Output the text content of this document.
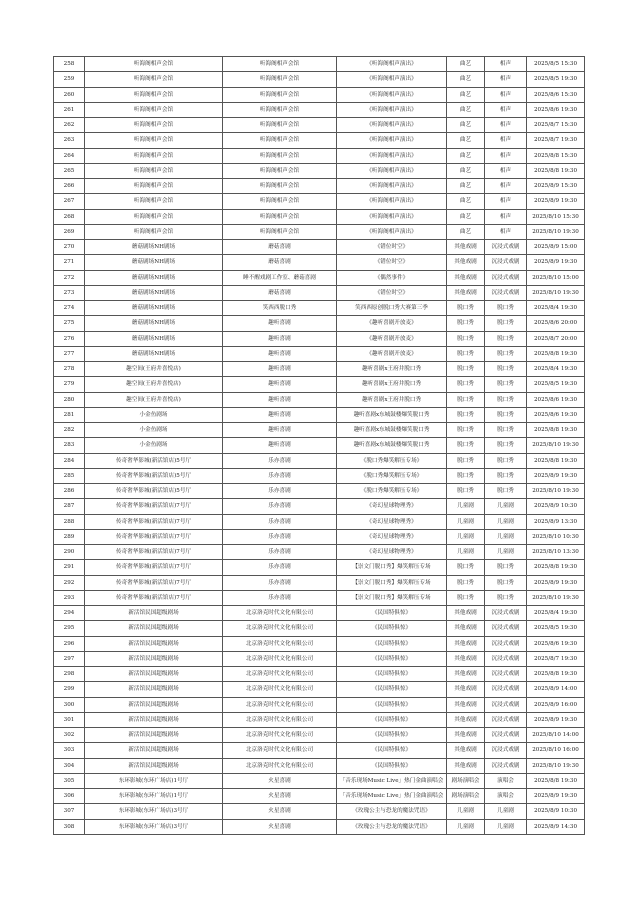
258	听海阁相声会馆	听海阁相声会馆	《听海阁相声演出》	曲艺	相声	2025/8/5 15:30
259	听海阁相声会馆	听海阁相声会馆	《听海阁相声演出》	曲艺	相声	2025/8/5 19:30
260	听海阁相声会馆	听海阁相声会馆	《听海阁相声演出》	曲艺	相声	2025/8/6 15:30
261	听海阁相声会馆	听海阁相声会馆	《听海阁相声演出》	曲艺	相声	2025/8/6 19:30
262	听海阁相声会馆	听海阁相声会馆	《听海阁相声演出》	曲艺	相声	2025/8/7 15:30
263	听海阁相声会馆	听海阁相声会馆	《听海阁相声演出》	曲艺	相声	2025/8/7 19:30
264	听海阁相声会馆	听海阁相声会馆	《听海阁相声演出》	曲艺	相声	2025/8/8 15:30
265	听海阁相声会馆	听海阁相声会馆	《听海阁相声演出》	曲艺	相声	2025/8/8 19:30
266	听海阁相声会馆	听海阁相声会馆	《听海阁相声演出》	曲艺	相声	2025/8/9 15:30
267	听海阁相声会馆	听海阁相声会馆	《听海阁相声演出》	曲艺	相声	2025/8/9 19:30
268	听海阁相声会馆	听海阁相声会馆	《听海阁相声演出》	曲艺	相声	2025/8/10 15:30
269	听海阁相声会馆	听海阁相声会馆	《听海阁相声演出》	曲艺	相声	2025/8/10 19:30
270	蘑菇剧场NH剧场	蘑菇喜剧	《错位时空》	其他戏剧	沉浸式戏剧	2025/8/9 15:00
271	蘑菇剧场NH剧场	蘑菇喜剧	《错位时空》	其他戏剧	沉浸式戏剧	2025/8/9 19:30
272	蘑菇剧场NH剧场	睡不醒戏剧工作室、蘑菇喜剧	《偶然事件》	其他戏剧	沉浸式戏剧	2025/8/10 15:00
273	蘑菇剧场NH剧场	蘑菇喜剧	《错位时空》	其他戏剧	沉浸式戏剧	2025/8/10 19:30
274	蘑菇剧场NH剧场	笑西西脱口秀	笑西西原创脱口秀大赛第三季	脱口秀	脱口秀	2025/8/4 19:30
275	蘑菇剧场NH剧场	趣听喜剧	《趣听喜剧开放麦》	脱口秀	脱口秀	2025/8/6 20:00
276	蘑菇剧场NH剧场	趣听喜剧	《趣听喜剧开放麦》	脱口秀	脱口秀	2025/8/7 20:00
277	蘑菇剧场NH剧场	趣听喜剧	《趣听喜剧开放麦》	脱口秀	脱口秀	2025/8/8 19:30
278	趣空间(王府井喜悦店)	趣听喜剧	趣听喜剧x王府井脱口秀	脱口秀	脱口秀	2025/8/4 19:30
279	趣空间(王府井喜悦店)	趣听喜剧	趣听喜剧x王府井脱口秀	脱口秀	脱口秀	2025/8/5 19:30
280	趣空间(王府井喜悦店)	趣听喜剧	趣听喜剧x王府井脱口秀	脱口秀	脱口秀	2025/8/6 19:30
281	小金鱼剧场	趣听喜剧	趣听喜剧x东城鼓楼爆笑脱口秀	脱口秀	脱口秀	2025/8/6 19:30
282	小金鱼剧场	趣听喜剧	趣听喜剧x东城鼓楼爆笑脱口秀	脱口秀	脱口秀	2025/8/8 19:30
283	小金鱼剧场	趣听喜剧	趣听喜剧x东城鼓楼爆笑脱口秀	脱口秀	脱口秀	2025/8/10 19:30
284	传奇奢华影城(新活馆店)5号厅	乐亦喜剧	《脱口秀爆笑解压专场》	脱口秀	脱口秀	2025/8/8 19:30
285	传奇奢华影城(新活馆店)5号厅	乐亦喜剧	《脱口秀爆笑解压专场》	脱口秀	脱口秀	2025/8/9 19:30
286	传奇奢华影城(新活馆店)5号厅	乐亦喜剧	《脱口秀爆笑解压专场》	脱口秀	脱口秀	2025/8/10 19:30
287	传奇奢华影城(新活馆店)7号厅	乐亦喜剧	《奇幻星球物理秀》	儿童剧	儿童剧	2025/8/9 10:30
288	传奇奢华影城(新活馆店)7号厅	乐亦喜剧	《奇幻星球物理秀》	儿童剧	儿童剧	2025/8/9 13:30
289	传奇奢华影城(新活馆店)7号厅	乐亦喜剧	《奇幻星球物理秀》	儿童剧	儿童剧	2025/8/10 10:30
290	传奇奢华影城(新活馆店)7号厅	乐亦喜剧	《奇幻星球物理秀》	儿童剧	儿童剧	2025/8/10 13:30
291	传奇奢华影城(新活馆店)7号厅	乐亦喜剧	【崇文门脱口秀】爆笑解压专场	脱口秀	脱口秀	2025/8/8 19:30
292	传奇奢华影城(新活馆店)7号厅	乐亦喜剧	【崇文门脱口秀】爆笑解压专场	脱口秀	脱口秀	2025/8/9 19:30
293	传奇奢华影城(新活馆店)7号厅	乐亦喜剧	【崇文门脱口秀】爆笑解压专场	脱口秀	脱口秀	2025/8/10 19:30
294	新活馆民国超级剧场	北京洛克时代文化有限公司	《民国特俱惊》	其他戏剧	沉浸式戏剧	2025/8/4 19:30
295	新活馆民国超级剧场	北京洛克时代文化有限公司	《民国特俱惊》	其他戏剧	沉浸式戏剧	2025/8/5 19:30
296	新活馆民国超级剧场	北京洛克时代文化有限公司	《民国特俱惊》	其他戏剧	沉浸式戏剧	2025/8/6 19:30
297	新活馆民国超级剧场	北京洛克时代文化有限公司	《民国特俱惊》	其他戏剧	沉浸式戏剧	2025/8/7 19:30
298	新活馆民国超级剧场	北京洛克时代文化有限公司	《民国特俱惊》	其他戏剧	沉浸式戏剧	2025/8/8 19:30
299	新活馆民国超级剧场	北京洛克时代文化有限公司	《民国特俱惊》	其他戏剧	沉浸式戏剧	2025/8/9 14:00
300	新活馆民国超级剧场	北京洛克时代文化有限公司	《民国特俱惊》	其他戏剧	沉浸式戏剧	2025/8/9 16:00
301	新活馆民国超级剧场	北京洛克时代文化有限公司	《民国特俱惊》	其他戏剧	沉浸式戏剧	2025/8/9 19:30
302	新活馆民国超级剧场	北京洛克时代文化有限公司	《民国特俱惊》	其他戏剧	沉浸式戏剧	2025/8/10 14:00
303	新活馆民国超级剧场	北京洛克时代文化有限公司	《民国特俱惊》	其他戏剧	沉浸式戏剧	2025/8/10 16:00
304	新活馆民国超级剧场	北京洛克时代文化有限公司	《民国特俱惊》	其他戏剧	沉浸式戏剧	2025/8/10 19:30
305	东环影城(东环广场店)1号厅	火星喜剧	「音乐现场Music Live」热门金曲演唱会	剧场演唱会	演唱会	2025/8/8 19:30
306	东环影城(东环广场店)1号厅	火星喜剧	「音乐现场Music Live」热门金曲演唱会	剧场演唱会	演唱会	2025/8/9 19:30
307	东环影城(东环广场店)3号厅	火星喜剧	《玫瑰公主与恐龙的魔法咒语》	儿童剧	儿童剧	2025/8/9 10:30
308	东环影城(东环广场店)3号厅	火星喜剧	《玫瑰公主与恐龙的魔法咒语》	儿童剧	儿童剧	2025/8/9 14:30
